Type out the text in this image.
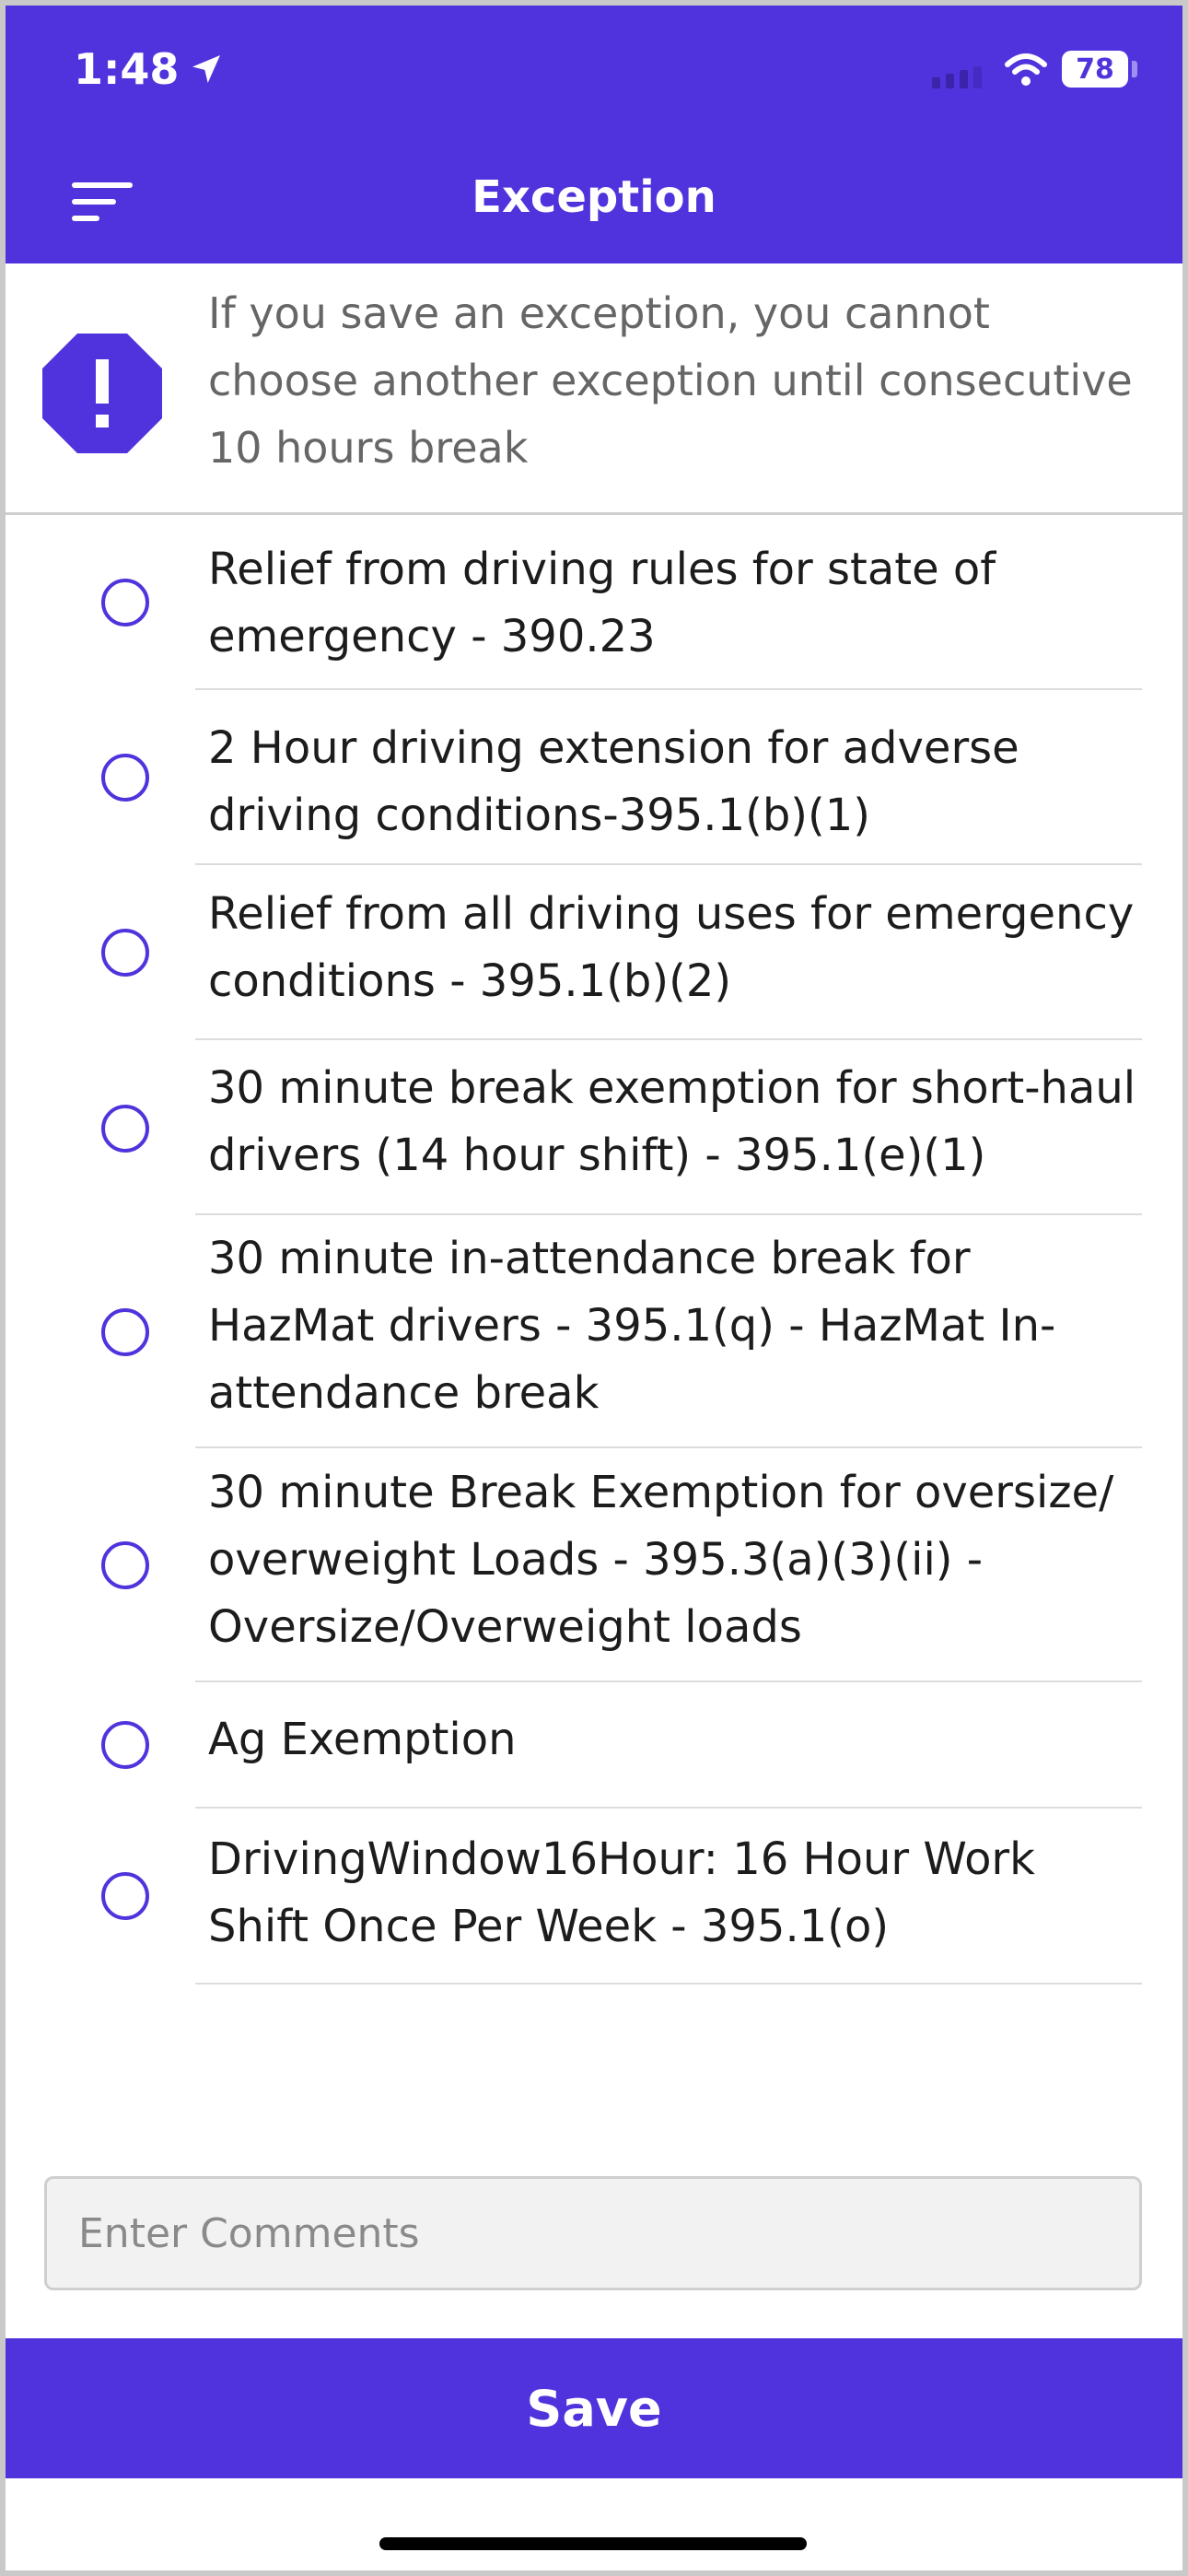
1:48	78
Exception
If you save an exception, you cannot choose another exception until consecutive 10 hours break
Relief from driving rules for state of emergency - 390.23
2 Hour driving extension for adverse driving conditions-395.1(b)(1)
Relief from all driving uses for emergency conditions - 395.1(b)(2)
30 minute break exemption for short-haul drivers (14 hour shift) - 395.1(e)(1)
30 minute in-attendance break for HazMat drivers - 395.1(q) - HazMat In-attendance break
30 minute Break Exemption for oversize/ overweight Loads - 395.3(a)(3)(ii) - Oversize/Overweight loads
Ag Exemption
DrivingWindow16Hour: 16 Hour Work Shift Once Per Week - 395.1(o)
Enter Comments
Save
